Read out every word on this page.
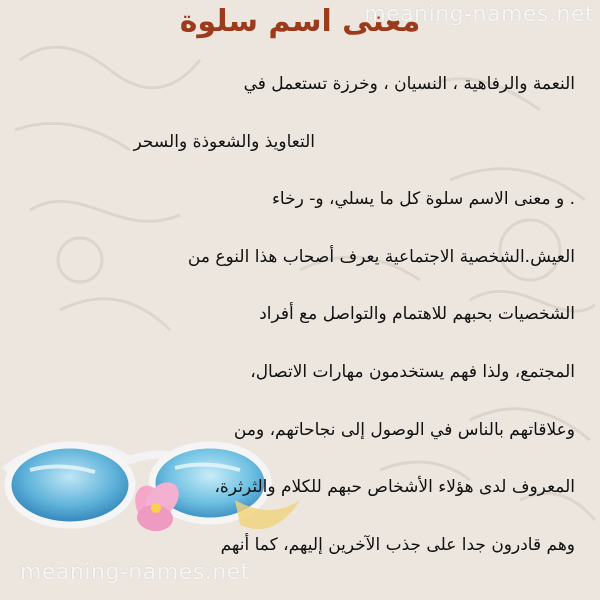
معنى اسم سلوة
meaning-names.net
النعمة والرفاهية ، النسيان ، وخرزة تستعمل في
التعاويذ والشعوذة والسحر
. و معنى الاسم سلوة كل ما يسلي، و- رخاء
العيش.الشخصية الاجتماعية يعرف أصحاب هذا النوع من
الشخصيات بحبهم للاهتمام والتواصل مع أفراد
المجتمع، ولذا فهم يستخدمون مهارات الاتصال،
وعلاقاتهم بالناس في الوصول إلى نجاحاتهم، ومن
المعروف لدى هؤلاء الأشخاص حبهم للكلام والثرثرة،
وهم قادرون جدا على جذب الآخرين إليهم، كما أنهم
meaning-names.net
